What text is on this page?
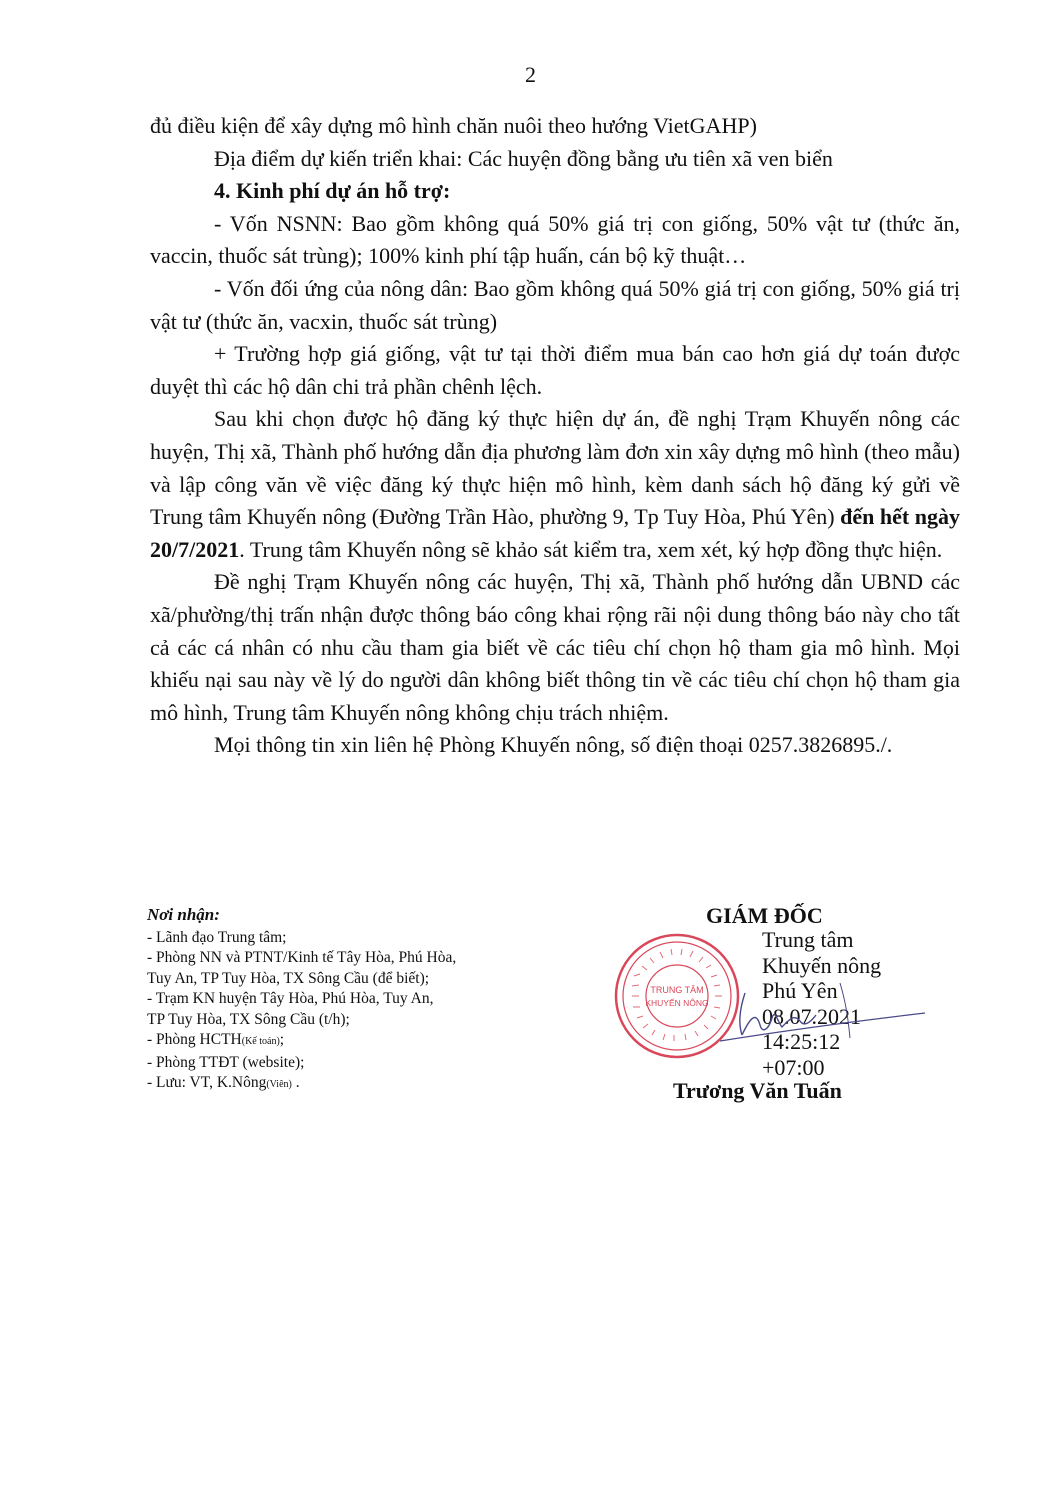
2

đủ điều kiện để xây dựng mô hình chăn nuôi theo hướng VietGAHP)

Địa điểm dự kiến triển khai: Các huyện đồng bằng ưu tiên xã ven biển

4. Kinh phí dự án hỗ trợ:

- Vốn NSNN: Bao gồm không quá 50% giá trị con giống, 50% vật tư (thức ăn, vaccin, thuốc sát trùng); 100% kinh phí tập huấn, cán bộ kỹ thuật…

- Vốn đối ứng của nông dân: Bao gồm không quá 50% giá trị con giống, 50% giá trị vật tư (thức ăn, vacxin, thuốc sát trùng)

+ Trường hợp giá giống, vật tư tại thời điểm mua bán cao hơn giá dự toán được duyệt thì các hộ dân chi trả phần chênh lệch.

Sau khi chọn được hộ đăng ký thực hiện dự án, đề nghị Trạm Khuyến nông các huyện, Thị xã, Thành phố hướng dẫn địa phương làm đơn xin xây dựng mô hình (theo mẫu) và lập công văn về việc đăng ký thực hiện mô hình, kèm danh sách hộ đăng ký gửi về Trung tâm Khuyến nông (Đường Trần Hào, phường 9, Tp Tuy Hòa, Phú Yên) đến hết ngày 20/7/2021. Trung tâm Khuyến nông sẽ khảo sát kiểm tra, xem xét, ký hợp đồng thực hiện.

Đề nghị Trạm Khuyến nông các huyện, Thị xã, Thành phố hướng dẫn UBND các xã/phường/thị trấn nhận được thông báo công khai rộng rãi nội dung thông báo này cho tất cả các cá nhân có nhu cầu tham gia biết về các tiêu chí chọn hộ tham gia mô hình. Mọi khiếu nại sau này về lý do người dân không biết thông tin về các tiêu chí chọn hộ tham gia mô hình, Trung tâm Khuyến nông không chịu trách nhiệm.

Mọi thông tin xin liên hệ Phòng Khuyến nông, số điện thoại 0257.3826895./.

Nơi nhận:
- Lãnh đạo Trung tâm;
- Phòng NN và PTNT/Kinh tế Tây Hòa, Phú Hòa,
Tuy An, TP Tuy Hòa, TX Sông Cầu (để biết);
- Trạm KN huyện Tây Hòa, Phú Hòa, Tuy An,
TP Tuy Hòa, TX Sông Cầu (t/h);
- Phòng HCTH(Kế toán);
- Phòng TTĐT (website);
- Lưu: VT, K.Nông(Viên) .
TRUNG TÂM
KHUYẾN NÔNG
GIÁM ĐỐC
Trung tâm
Khuyến nông
Phú Yên
08.07.2021
14:25:12
+07:00
Trương Văn Tuấn
